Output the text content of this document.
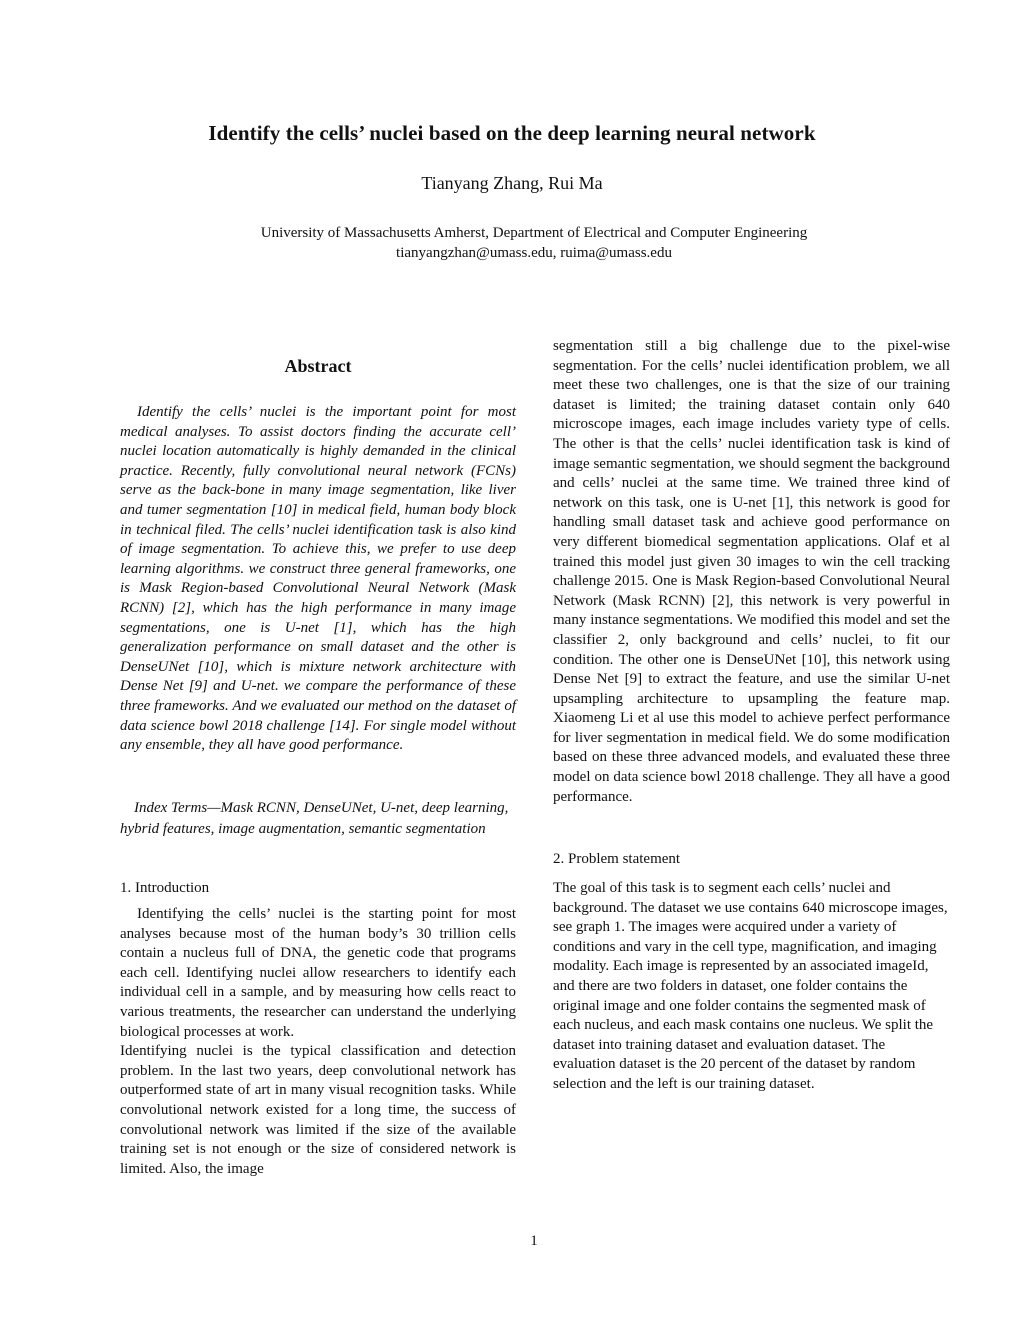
Identify the cells’ nuclei based on the deep learning neural network
Tianyang Zhang, Rui Ma
University of Massachusetts Amherst, Department of Electrical and Computer Engineering
tianyangzhan@umass.edu, ruima@umass.edu
Abstract
Identify the cells’ nuclei is the important point for most medical analyses. To assist doctors finding the accurate cell’ nuclei location automatically is highly demanded in the clinical practice. Recently, fully convolutional neural network (FCNs) serve as the back-bone in many image segmentation, like liver and tumer segmentation [10] in medical field, human body block in technical filed. The cells’ nuclei identification task is also kind of image segmentation. To achieve this, we prefer to use deep learning algorithms. we construct three general frameworks, one is Mask Region-based Convolutional Neural Network (Mask RCNN) [2], which has the high performance in many image segmentations, one is U-net [1], which has the high generalization performance on small dataset and the other is DenseUNet [10], which is mixture network architecture with Dense Net [9] and U-net. we compare the performance of these three frameworks. And we evaluated our method on the dataset of data science bowl 2018 challenge [14]. For single model without any ensemble, they all have good performance.
Index Terms—Mask RCNN, DenseUNet, U-net, deep learning, hybrid features, image augmentation, semantic segmentation
1. Introduction

Identifying the cells’ nuclei is the starting point for most analyses because most of the human body’s 30 trillion cells contain a nucleus full of DNA, the genetic code that programs each cell. Identifying nuclei allow researchers to identify each individual cell in a sample, and by measuring how cells react to various treatments, the researcher can understand the underlying biological processes at work.

Identifying nuclei is the typical classification and detection problem. In the last two years, deep convolutional network has outperformed state of art in many visual recognition tasks. While convolutional network existed for a long time, the success of convolutional network was limited if the size of the available training set is not enough or the size of considered network is limited. Also, the image

segmentation still a big challenge due to the pixel-wise segmentation. For the cells’ nuclei identification problem, we all meet these two challenges, one is that the size of our training dataset is limited; the training dataset contain only 640 microscope images, each image includes variety type of cells. The other is that the cells’ nuclei identification task is kind of image semantic segmentation, we should segment the background and cells’ nuclei at the same time. We trained three kind of network on this task, one is U-net [1], this network is good for handling small dataset task and achieve good performance on very different biomedical segmentation applications. Olaf et al trained this model just given 30 images to win the cell tracking challenge 2015. One is Mask Region-based Convolutional Neural Network (Mask RCNN) [2], this network is very powerful in many instance segmentations. We modified this model and set the classifier 2, only background and cells’ nuclei, to fit our condition. The other one is DenseUNet [10], this network using Dense Net [9] to extract the feature, and use the similar U-net upsampling architecture to upsampling the feature map. Xiaomeng Li et al use this model to achieve perfect performance for liver segmentation in medical field. We do some modification based on these three advanced models, and evaluated these three model on data science bowl 2018 challenge. They all have a good performance.
2. Problem statement
The goal of this task is to segment each cells’ nuclei and background. The dataset we use contains 640 microscope images, see graph 1. The images were acquired under a variety of conditions and vary in the cell type, magnification, and imaging modality. Each image is represented by an associated imageId, and there are two folders in dataset, one folder contains the original image and one folder contains the segmented mask of each nucleus, and each mask contains one nucleus. We split the dataset into training dataset and evaluation dataset. The evaluation dataset is the 20 percent of the dataset by random selection and the left is our training dataset.
1
